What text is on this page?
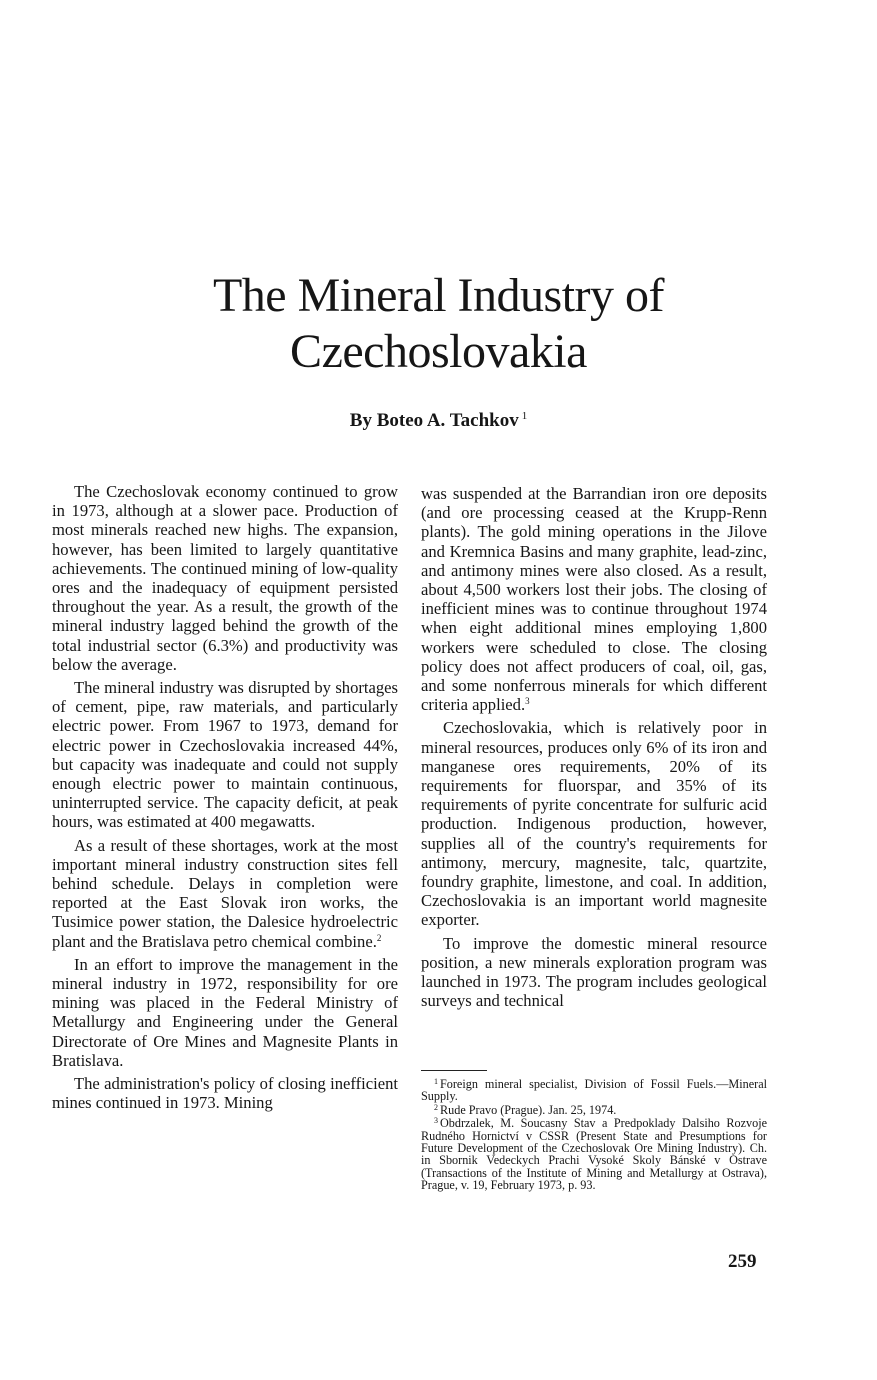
The Mineral Industry of
Czechoslovakia

By Boteo A. Tachkov $^1$

The Czechoslovak economy continued to grow in 1973, although at a slower pace. Production of most minerals reached new highs. The expansion, however, has been limited to largely quantitative achievements. The continued mining of low-quality ores and the inadequacy of equipment persisted throughout the year. As a result, the growth of the mineral industry lagged behind the growth of the total industrial sector (6.3%) and productivity was below the average.

The mineral industry was disrupted by shortages of cement, pipe, raw materials, and particularly electric power. From 1967 to 1973, demand for electric power in Czechoslovakia increased 44%, but capacity was inadequate and could not supply enough electric power to maintain continuous, uninterrupted service. The capacity deficit, at peak hours, was estimated at 400 megawatts.

As a result of these shortages, work at the most important mineral industry construction sites fell behind schedule. Delays in completion were reported at the East Slovak iron works, the Tusimice power station, the Dalesice hydroelectric plant and the Bratislava petro chemical combine.$^2$

In an effort to improve the management in the mineral industry in 1972, responsibility for ore mining was placed in the Federal Ministry of Metallurgy and Engineering under the General Directorate of Ore Mines and Magnesite Plants in Bratislava.

The administration's policy of closing inefficient mines continued in 1973. Mining

was suspended at the Barrandian iron ore deposits (and ore processing ceased at the Krupp-Renn plants). The gold mining operations in the Jilove and Kremnica Basins and many graphite, lead-zinc, and antimony mines were also closed. As a result, about 4,500 workers lost their jobs. The closing of inefficient mines was to continue throughout 1974 when eight additional mines employing 1,800 workers were scheduled to close. The closing policy does not affect producers of coal, oil, gas, and some nonferrous minerals for which different criteria applied.$^3$

Czechoslovakia, which is relatively poor in mineral resources, produces only 6% of its iron and manganese ores requirements, 20% of its requirements for fluorspar, and 35% of its requirements of pyrite concentrate for sulfuric acid production. Indigenous production, however, supplies all of the country's requirements for antimony, mercury, magnesite, talc, quartzite, foundry graphite, limestone, and coal. In addition, Czechoslovakia is an important world magnesite exporter.

To improve the domestic mineral resource position, a new minerals exploration program was launched in 1973. The program includes geological surveys and technical

$^1$ Foreign mineral specialist, Division of Fossil Fuels.—Mineral Supply.

$^2$ Rude Pravo (Prague). Jan. 25, 1974.

$^3$ Obdrzalek, M. Soucasny Stav a Predpoklady Dalsiho Rozvoje Rudného Hornictví v CSSR (Present State and Presumptions for Future Development of the Czechoslovak Ore Mining Industry). Ch. in Sbornik Vedeckych Prachi Vysoké Skoly Bánské v Ostrave (Transactions of the Institute of Mining and Metallurgy at Ostrava), Prague, v. 19, February 1973, p. 93.

259
